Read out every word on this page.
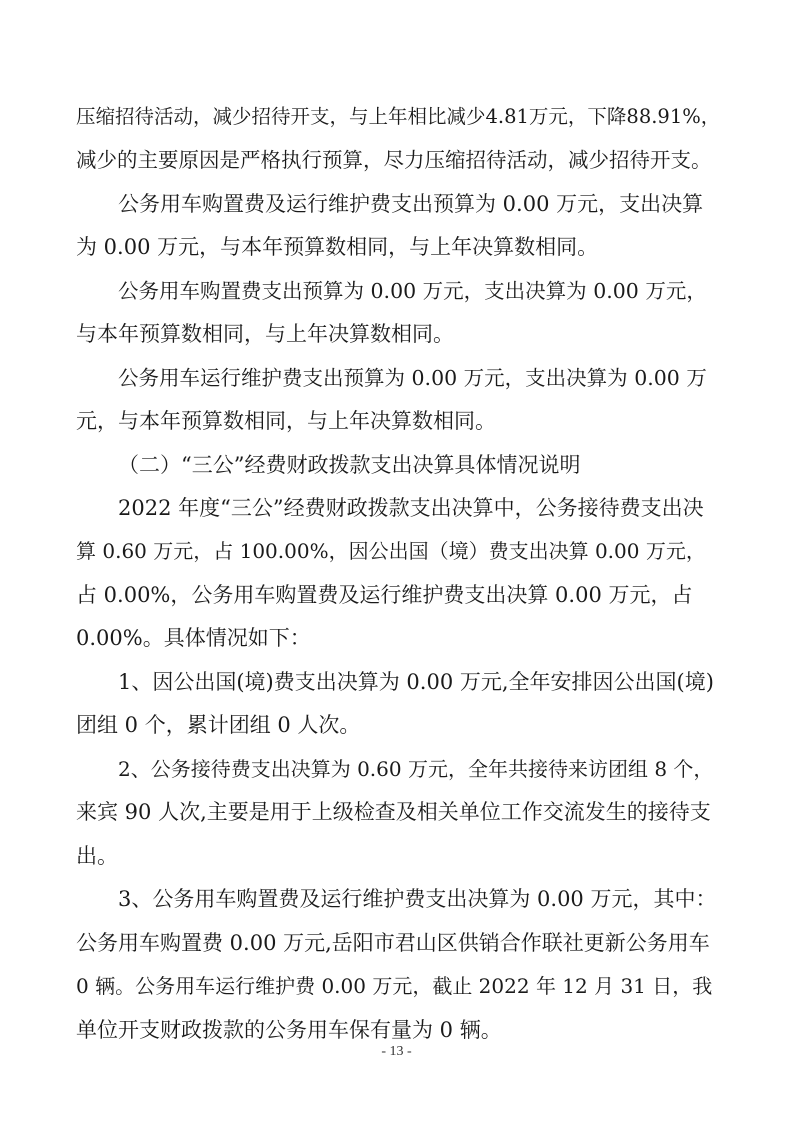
压缩招待活动，减少招待开支，与上年相比减少4.81万元，下降88.91%，
减少的主要原因是严格执行预算，尽力压缩招待活动，减少招待开支。
公务用车购置费及运行维护费支出预算为 0.00 万元，支出决算
为 0.00 万元，与本年预算数相同，与上年决算数相同。
公务用车购置费支出预算为 0.00 万元，支出决算为 0.00 万元，
与本年预算数相同，与上年决算数相同。
公务用车运行维护费支出预算为 0.00 万元，支出决算为 0.00 万
元，与本年预算数相同，与上年决算数相同。
（二）“三公”经费财政拨款支出决算具体情况说明
2022 年度“三公”经费财政拨款支出决算中，公务接待费支出决
算 0.60 万元，占 100.00%，因公出国（境）费支出决算 0.00 万元，
占 0.00%，公务用车购置费及运行维护费支出决算 0.00 万元，占
0.00%。具体情况如下：
1、因公出国(境)费支出决算为 0.00 万元,全年安排因公出国(境)
团组 0 个，累计团组 0 人次。
2、公务接待费支出决算为 0.60 万元，全年共接待来访团组 8 个，
来宾 90 人次,主要是用于上级检查及相关单位工作交流发生的接待支
出。
3、公务用车购置费及运行维护费支出决算为 0.00 万元，其中：
公务用车购置费 0.00 万元,岳阳市君山区供销合作联社更新公务用车
0 辆。公务用车运行维护费 0.00 万元，截止 2022 年 12 月 31 日，我
单位开支财政拨款的公务用车保有量为 0 辆。
- 13 -
